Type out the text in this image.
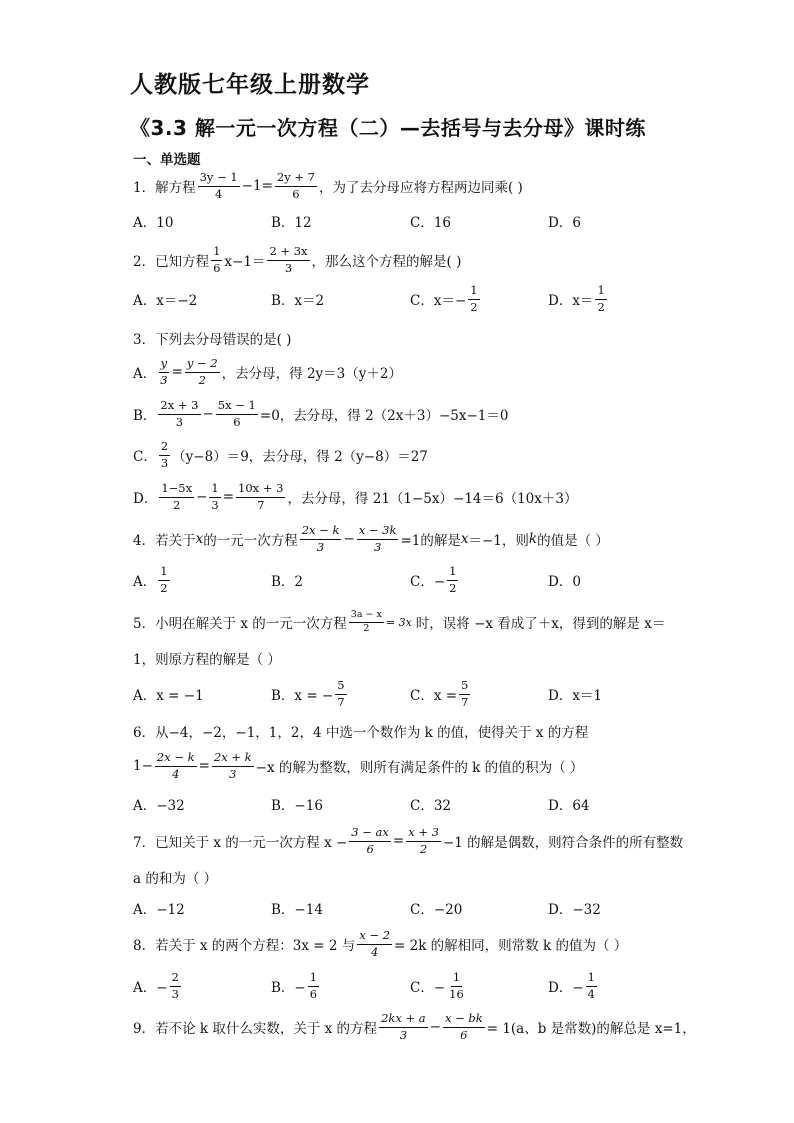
人教版七年级上册数学
《3.3 解一元一次方程（二）—去括号与去分母》课时练
一、单选题
1．解方程 $\frac{3y - 1}{4} -1= \frac{2y + 7}{6}$ ，为了去分母应将方程两边同乘( )
A．10	B．12	C．16	D．6
2．已知方程 $\frac{1}{6} x-1= \frac{2 + 3x}{3}$ ，那么这个方程的解是( )
A．x＝−2	B．x＝2	C．$x=- \frac{1}{2}$	D．$x= \frac{1}{2}$
3．下列去分母错误的是( )
A． $\frac{y}{3} = \frac{y - 2}{2}$ ，去分母，得 2y＝3（y＋2）
B． $\frac{2x + 3}{3} - \frac{5x - 1}{6} =0$，去分母，得 2（2x＋3）−5x−1＝0
C． $\frac{2}{3} (y-8)=9$，去分母，得 2（y−8）＝27
D． $\frac{1-5x}{2} - \frac{1}{3} = \frac{10x + 3}{7}$ ，去分母，得 21（1−5x）−14＝6（10x＋3）
4．若关于 x 的一元一次方程 $\frac{2x - k}{3} - \frac{x - 3k}{3} =1$的解是 x ＝−1，则 k 的值是（ ）
A． $\frac{1}{2}$	B．2	C．− $\frac{1}{2}$	D．0
5．小明在解关于 x 的一元一次方程 $\frac{3a - x}{2} = 3x$ 时，误将 −x 看成了＋x，得到的解是 x＝
1，则原方程的解是（ ）
A．x = −1	B．x = − $\frac{5}{7}$	C．$x = \frac{5}{7}$	D．x＝1
6．从−4，−2，−1，1，2，4 中选一个数作为 k 的值，使得关于 x 的方程
$1- \frac{2x - k}{4} = \frac{2x + k}{3} -x$ 的解为整数，则所有满足条件的 k 的值的积为（ ）
A．−32	B．−16	C．32	D．64
7．已知关于 x 的一元一次方程 $x - \frac{3 - ax}{6} = \frac{x + 3}{2} -1$ 的解是偶数，则符合条件的所有整数
a 的和为（ ）
A．−12	B．−14	C．−20	D．−32
8．若关于 x 的两个方程：3x = 2 与 $\frac{x - 2}{4} = 2k$ 的解相同，则常数 k 的值为（ ）
A．− $\frac{2}{3}$	B．− $\frac{1}{6}$	C．− $\frac{1}{16}$	D．− $\frac{1}{4}$
9．若不论 k 取什么实数，关于 x 的方程 $\frac{2kx + a}{3} - \frac{x - bk}{6} = 1(a$、b 是常数)的解总是 x=1，
